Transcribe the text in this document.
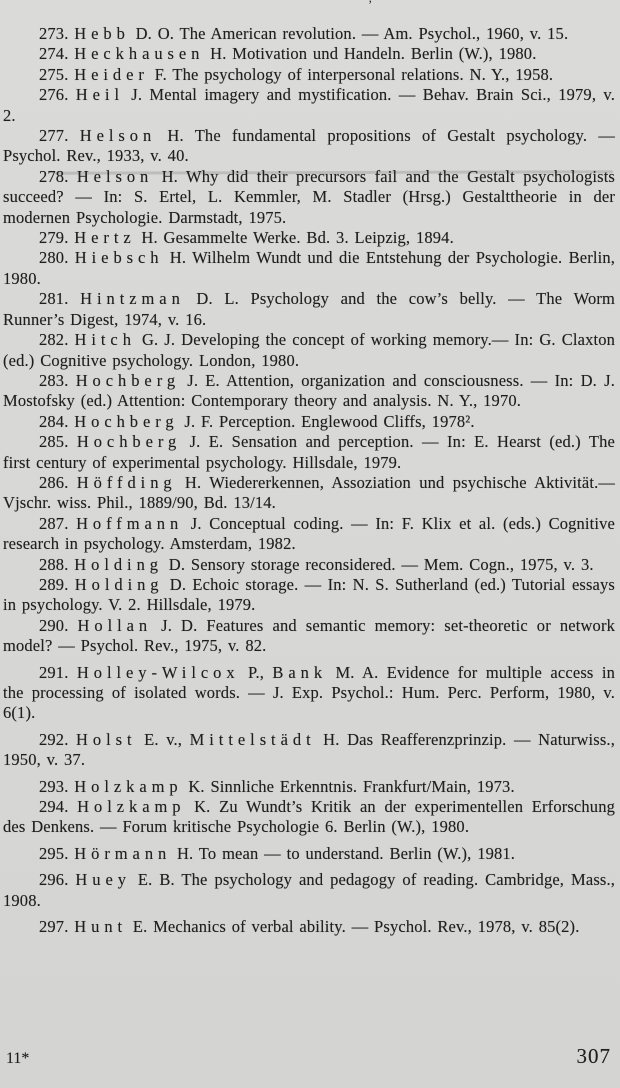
’

273. Hebb D. O. The American revolution. — Am. Psychol., 1960, v. 15.

274. Heckhausen H. Motivation und Handeln. Berlin (W.), 1980.

275. Heider F. The psychology of interpersonal relations. N. Y., 1958.

276. Heil J. Mental imagery and mystification. — Behav. Brain Sci., 1979, v. 2.

277. Helson H. The fundamental propositions of Gestalt psychology. — Psychol. Rev., 1933, v. 40.

278. Helson H. Why did their precursors fail and the Gestalt psychologists succeed? — In: S. Ertel, L. Kemmler, M. Stadler (Hrsg.) Gestalttheorie in der modernen Psychologie. Darmstadt, 1975.

279. Hertz H. Gesammelte Werke. Bd. 3. Leipzig, 1894.

280. Hiebsch H. Wilhelm Wundt und die Entstehung der Psychologie. Berlin, 1980.

281. Hintzman D. L. Psychology and the cow’s belly. — The Worm Runner’s Digest, 1974, v. 16.

282. Hitch G. J. Developing the concept of working memory.— In: G. Claxton (ed.) Cognitive psychology. London, 1980.

283. Hochberg J. E. Attention, organization and consciousness. — In: D. J. Mostofsky (ed.) Attention: Contemporary theory and analysis. N. Y., 1970.

284. Hochberg J. F. Perception. Englewood Cliffs, 1978².

285. Hochberg J. E. Sensation and perception. — In: E. Hearst (ed.) The first century of experimental psychology. Hillsdale, 1979.

286. Höffding H. Wiedererkennen, Assoziation und psychische Aktivität.— Vjschr. wiss. Phil., 1889/90, Bd. 13/14.

287. Hoffmann J. Conceptual coding. — In: F. Klix et al. (eds.) Cognitive research in psychology. Amsterdam, 1982.

288. Holding D. Sensory storage reconsidered. — Mem. Cogn., 1975, v. 3.

289. Holding D. Echoic storage. — In: N. S. Sutherland (ed.) Tutorial essays in psychology. V. 2. Hillsdale, 1979.

290. Hollan J. D. Features and semantic memory: set-theoretic or network model? — Psychol. Rev., 1975, v. 82.

291. Holley-Wilcox P., Bank M. A. Evidence for multiple access in the processing of isolated words. — J. Exp. Psychol.: Hum. Perc. Perform, 1980, v. 6(1).

292. Holst E. v., Mittelstädt H. Das Reafferenzprinzip. — Naturwiss., 1950, v. 37.

293. Holzkamp K. Sinnliche Erkenntnis. Frankfurt/Main, 1973.

294. Holzkamp K. Zu Wundt’s Kritik an der experimentellen Erforschung des Denkens. — Forum kritische Psychologie 6. Berlin (W.), 1980.

295. Hörmann H. To mean — to understand. Berlin (W.), 1981.

296. Huey E. B. The psychology and pedagogy of reading. Cambridge, Mass., 1908.

297. Hunt E. Mechanics of verbal ability. — Psychol. Rev., 1978, v. 85(2).

11*	307
